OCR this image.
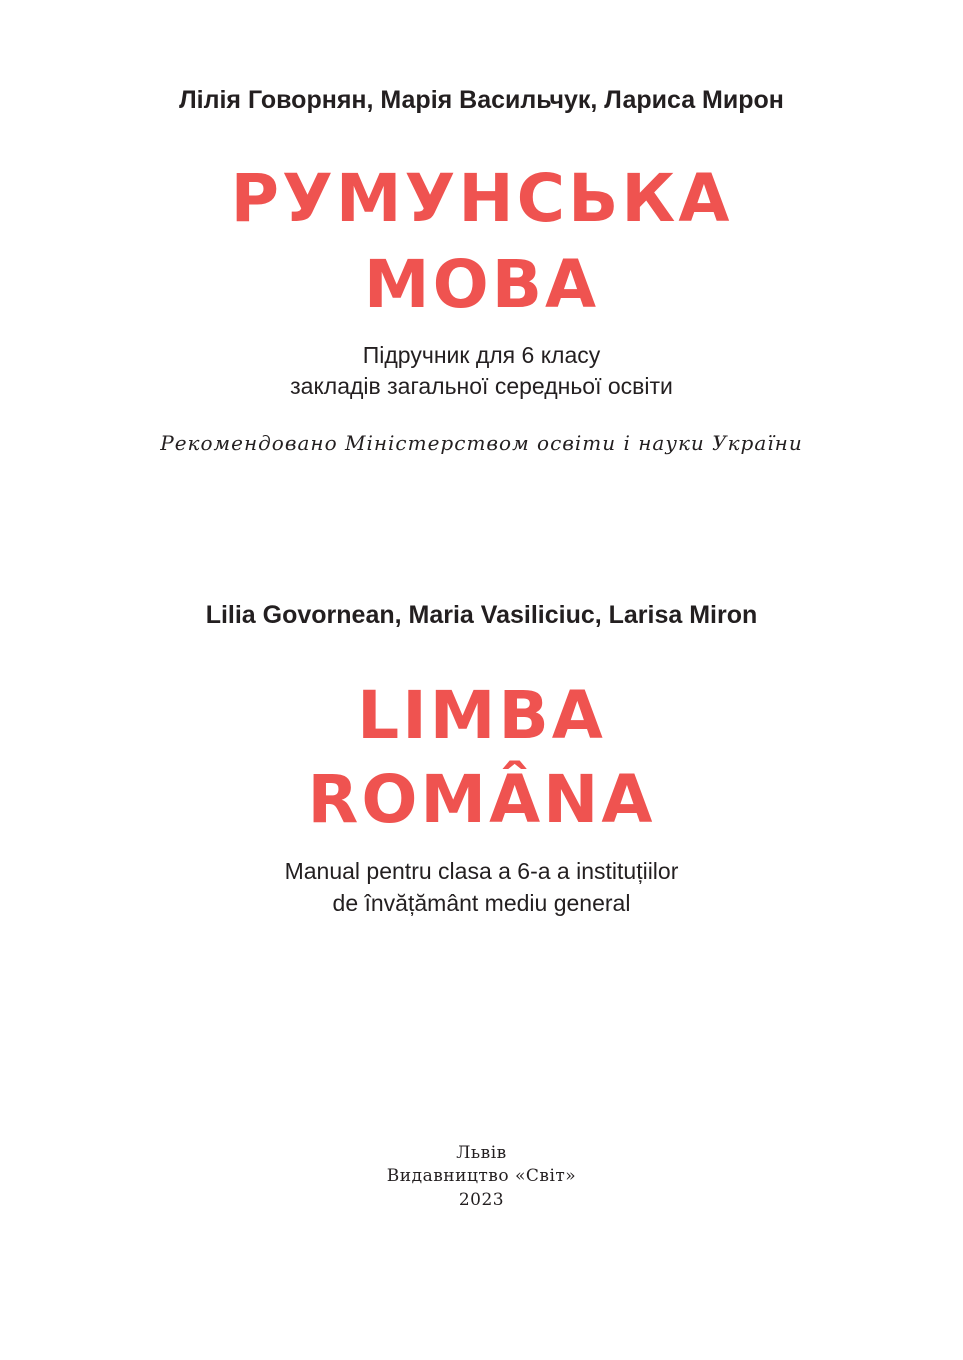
Лілія Говорнян, Марія Васильчук, Лариса Мирон
РУМУНСЬКА
МОВА
Підручник для 6 класу
закладів загальної середньої освіти
Рекомендовано Міністерством освіти і науки України
Lilia Govornean, Maria Vasiliciuc, Larisa Miron
LIMBA
ROMÂNA
Manual pentru clasa a 6-a a instituțiilor
de învățământ mediu general
Львів
Видавництво «Світ»
2023
